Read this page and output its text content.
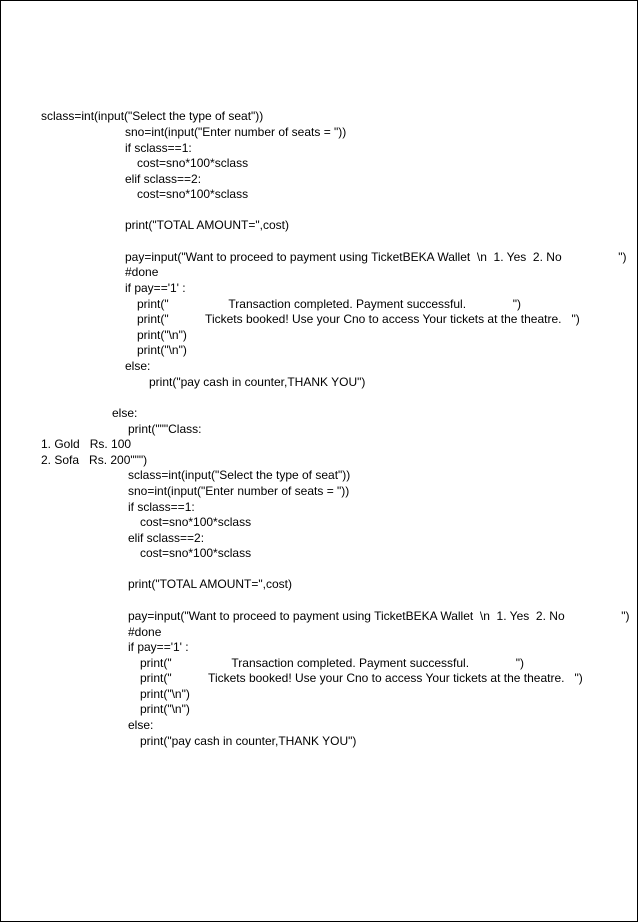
sclass=int(input("Select the type of seat"))
sno=int(input("Enter number of seats = "))
if sclass==1:
cost=sno*100*sclass
elif sclass==2:
cost=sno*100*sclass
print("TOTAL AMOUNT=",cost)
pay=input("Want to proceed to payment using TicketBEKA Wallet  \n  1. Yes  2. No                 ")
#done
if pay=='1' :
print("                  Transaction completed. Payment successful.              ")
print("           Tickets booked! Use your Cno to access Your tickets at the theatre.   ")
print("\n")
print("\n")
else:
print("pay cash in counter,THANK YOU")
else:
print("""Class:
1. Gold   Rs. 100
2. Sofa   Rs. 200""")
sclass=int(input("Select the type of seat"))
sno=int(input("Enter number of seats = "))
if sclass==1:
cost=sno*100*sclass
elif sclass==2:
cost=sno*100*sclass
print("TOTAL AMOUNT=",cost)
pay=input("Want to proceed to payment using TicketBEKA Wallet  \n  1. Yes  2. No                 ")
#done
if pay=='1' :
print("                  Transaction completed. Payment successful.              ")
print("           Tickets booked! Use your Cno to access Your tickets at the theatre.   ")
print("\n")
print("\n")
else:
print("pay cash in counter,THANK YOU")
